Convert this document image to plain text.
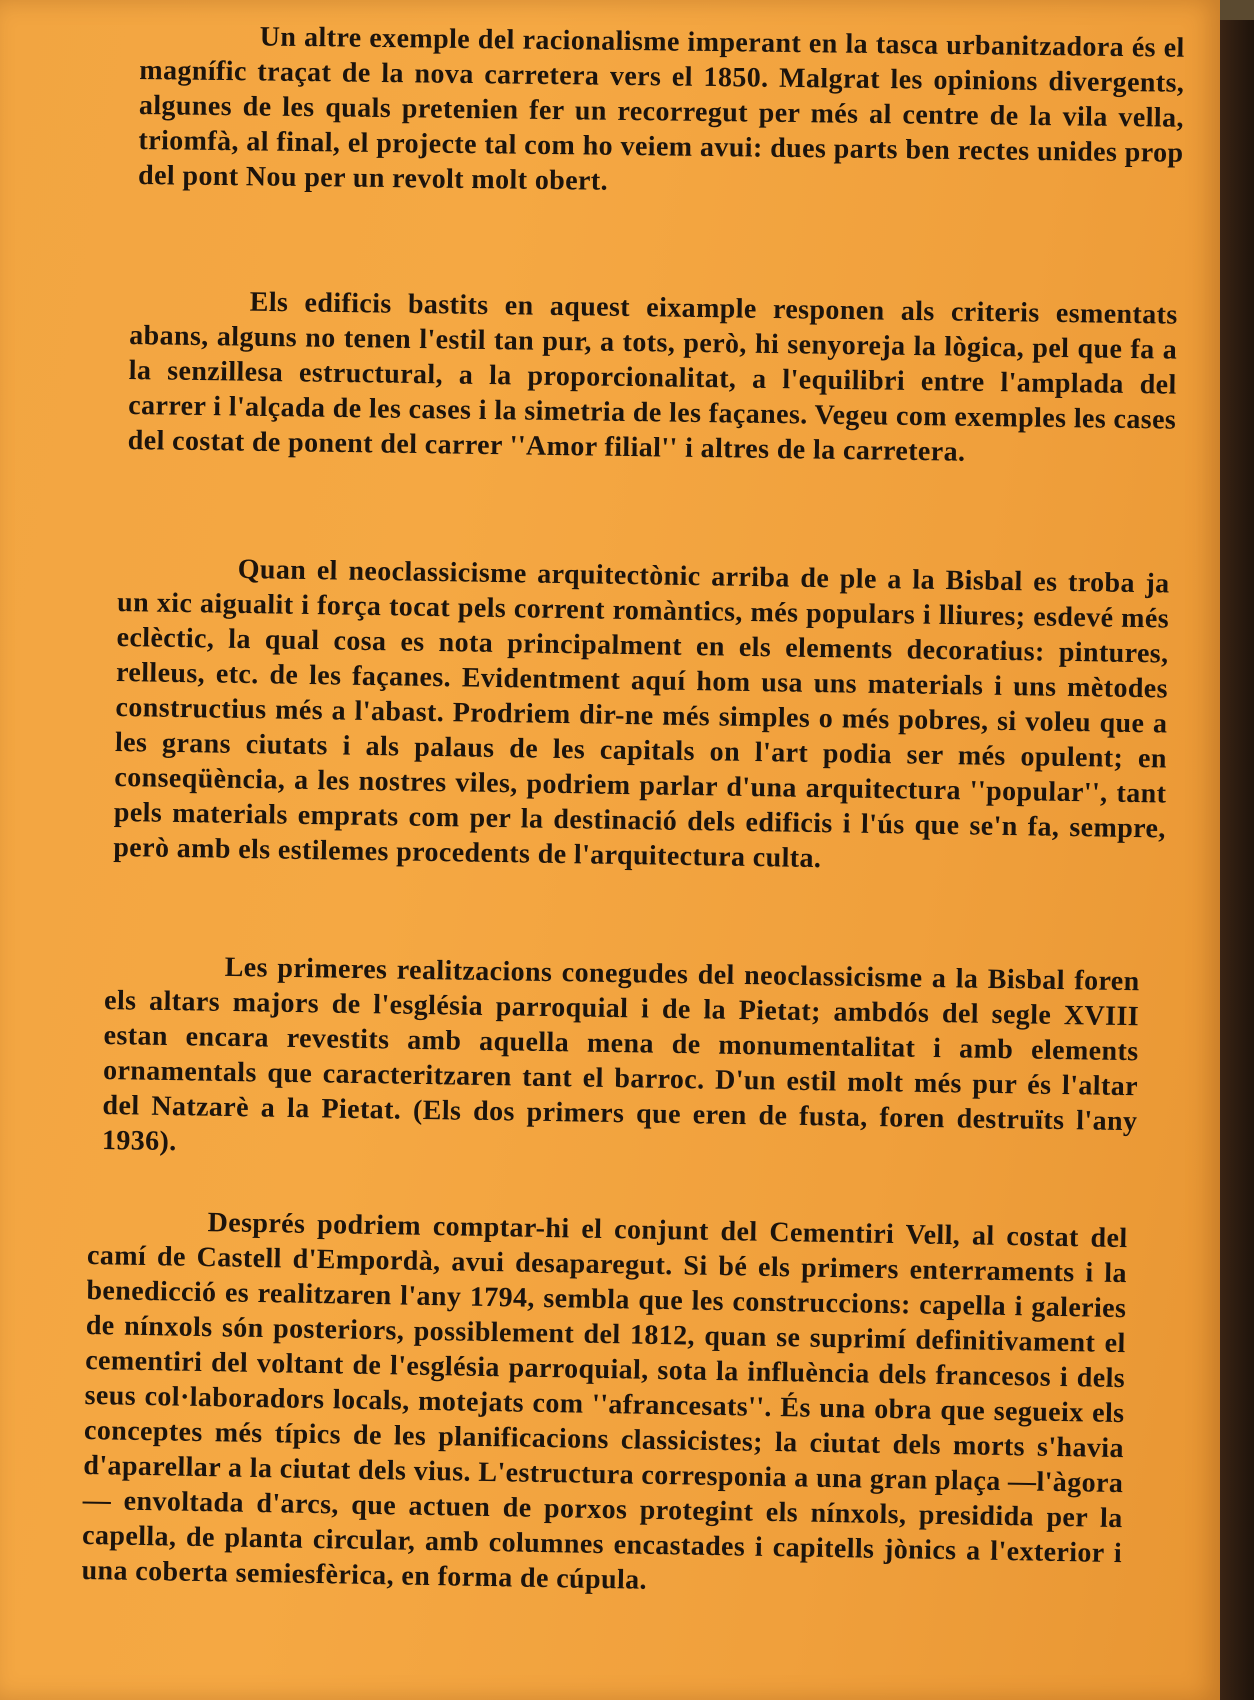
Un altre exemple del racionalisme imperant en la tasca urbanitzadora és el magnífic traçat de la nova carretera vers el 1850. Malgrat les opinions divergents, algunes de les quals pretenien fer un recorregut per més al centre de la vila vella, triomfà, al final, el projecte tal com ho veiem avui: dues parts ben rectes unides prop del pont Nou per un revolt molt obert.

Els edificis bastits en aquest eixample responen als criteris esmentats abans, alguns no tenen l'estil tan pur, a tots, però, hi senyoreja la lògica, pel que fa a la senzillesa estructural, a la proporcionalitat, a l'equilibri entre l'amplada del carrer i l'alçada de les cases i la simetria de les façanes. Vegeu com exemples les cases del costat de ponent del carrer ''Amor filial'' i altres de la carretera.

Quan el neoclassicisme arquitectònic arriba de ple a la Bisbal es troba ja un xic aigualit i força tocat pels corrent romàntics, més populars i lliures; esdevé més eclèctic, la qual cosa es nota principalment en els elements decoratius: pintures, relleus, etc. de les façanes. Evidentment aquí hom usa uns materials i uns mètodes constructius més a l'abast. Prodriem dir-ne més simples o més pobres, si voleu que a les grans ciutats i als palaus de les capitals on l'art podia ser més opulent; en conseqüència, a les nostres viles, podriem parlar d'una arquitectura ''popular'', tant pels materials emprats com per la destinació dels edificis i l'ús que se'n fa, sempre, però amb els estilemes procedents de l'arquitectura culta.

Les primeres realitzacions conegudes del neoclassicisme a la Bisbal foren els altars majors de l'església parroquial i de la Pietat; ambdós del segle XVIII estan encara revestits amb aquella mena de monumentalitat i amb elements ornamentals que caracteritzaren tant el barroc. D'un estil molt més pur és l'altar del Natzarè a la Pietat. (Els dos primers que eren de fusta, foren destruïts l'any 1936).

Després podriem comptar-hi el conjunt del Cementiri Vell, al costat del camí de Castell d'Empordà, avui desaparegut. Si bé els primers enterraments i la benedicció es realitzaren l'any 1794, sembla que les construccions: capella i galeries de nínxols són posteriors, possiblement del 1812, quan se suprimí definitivament el cementiri del voltant de l'església parroquial, sota la influència dels francesos i dels seus col·laboradors locals, motejats com ''afrancesats''. És una obra que segueix els conceptes més típics de les planificacions classicistes; la ciutat dels morts s'havia d'aparellar a la ciutat dels vius. L'estructura corresponia a una gran plaça —l'àgora— envoltada d'arcs, que actuen de porxos protegint els nínxols, presidida per la capella, de planta circular, amb columnes encastades i capitells jònics a l'exterior i una coberta semiesfèrica, en forma de cúpula.
